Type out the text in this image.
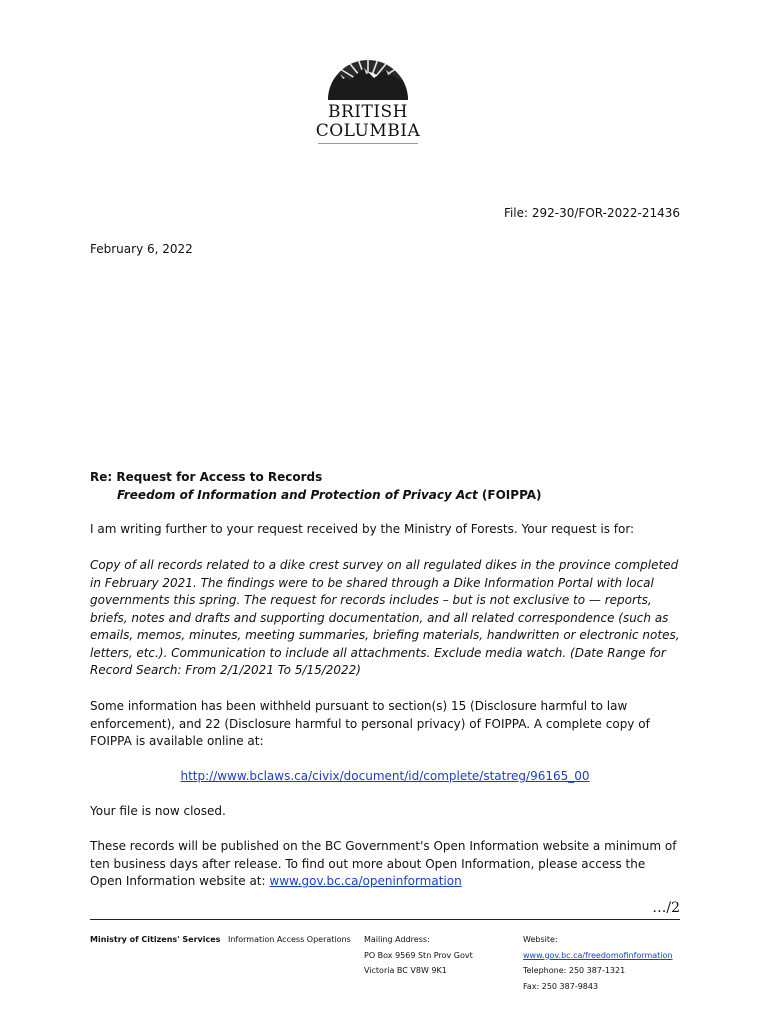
BRITISH
COLUMBIA
File: 292-30/FOR-2022-21436
February 6, 2022
Re: Request for Access to Records
Freedom of Information and Protection of Privacy Act (FOIPPA)
I am writing further to your request received by the Ministry of Forests. Your request is for:
Copy of all records related to a dike crest survey on all regulated dikes in the province completed in February 2021. The findings were to be shared through a Dike Information Portal with local governments this spring. The request for records includes – but is not exclusive to — reports, briefs, notes and drafts and supporting documentation, and all related correspondence (such as emails, memos, minutes, meeting summaries, briefing materials, handwritten or electronic notes, letters, etc.). Communication to include all attachments. Exclude media watch. (Date Range for Record Search: From 2/1/2021 To 5/15/2022)
Some information has been withheld pursuant to section(s) 15 (Disclosure harmful to law enforcement), and 22 (Disclosure harmful to personal privacy) of FOIPPA. A complete copy of FOIPPA is available online at:
http://www.bclaws.ca/civix/document/id/complete/statreg/96165_00
Your file is now closed.
These records will be published on the BC Government's Open Information website a minimum of ten business days after release. To find out more about Open Information, please access the Open Information website at: www.gov.bc.ca/openinformation
…/2
Ministry of Citizens' Services Information Access Operations Mailing Address:
PO Box 9569 Stn Prov Govt
Victoria BC V8W 9K1
Website:
www.gov.bc.ca/freedomofinformation
Telephone: 250 387-1321
Fax: 250 387-9843
